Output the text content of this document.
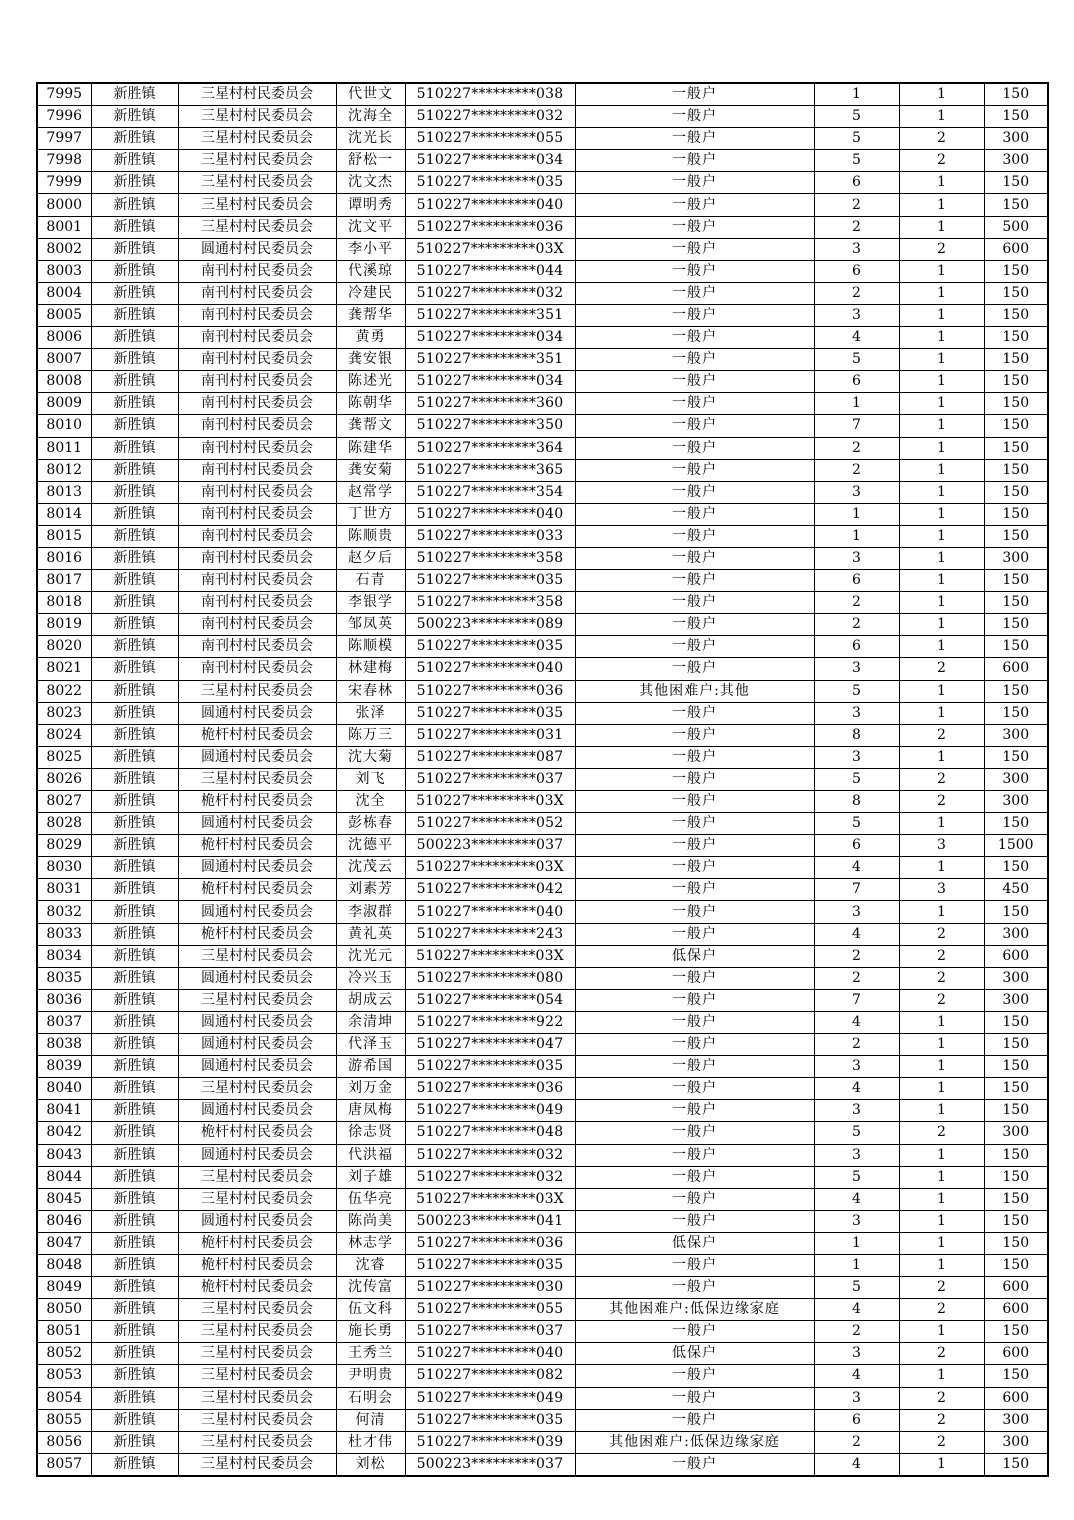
7995	新胜镇	三星村村民委员会	代世文	510227*********038	一般户	1	1	150
7996	新胜镇	三星村村民委员会	沈海全	510227*********032	一般户	5	1	150
7997	新胜镇	三星村村民委员会	沈光长	510227*********055	一般户	5	2	300
7998	新胜镇	三星村村民委员会	舒松一	510227*********034	一般户	5	2	300
7999	新胜镇	三星村村民委员会	沈文杰	510227*********035	一般户	6	1	150
8000	新胜镇	三星村村民委员会	谭明秀	510227*********040	一般户	2	1	150
8001	新胜镇	三星村村民委员会	沈文平	510227*********036	一般户	2	1	500
8002	新胜镇	圆通村村民委员会	李小平	510227*********03X	一般户	3	2	600
8003	新胜镇	南刊村村民委员会	代溪琼	510227*********044	一般户	6	1	150
8004	新胜镇	南刊村村民委员会	冷建民	510227*********032	一般户	2	1	150
8005	新胜镇	南刊村村民委员会	龚帮华	510227*********351	一般户	3	1	150
8006	新胜镇	南刊村村民委员会	黄勇	510227*********034	一般户	4	1	150
8007	新胜镇	南刊村村民委员会	龚安银	510227*********351	一般户	5	1	150
8008	新胜镇	南刊村村民委员会	陈述光	510227*********034	一般户	6	1	150
8009	新胜镇	南刊村村民委员会	陈朝华	510227*********360	一般户	1	1	150
8010	新胜镇	南刊村村民委员会	龚帮文	510227*********350	一般户	7	1	150
8011	新胜镇	南刊村村民委员会	陈建华	510227*********364	一般户	2	1	150
8012	新胜镇	南刊村村民委员会	龚安菊	510227*********365	一般户	2	1	150
8013	新胜镇	南刊村村民委员会	赵常学	510227*********354	一般户	3	1	150
8014	新胜镇	南刊村村民委员会	丁世方	510227*********040	一般户	1	1	150
8015	新胜镇	南刊村村民委员会	陈顺贵	510227*********033	一般户	1	1	150
8016	新胜镇	南刊村村民委员会	赵夕后	510227*********358	一般户	3	1	300
8017	新胜镇	南刊村村民委员会	石青	510227*********035	一般户	6	1	150
8018	新胜镇	南刊村村民委员会	李银学	510227*********358	一般户	2	1	150
8019	新胜镇	南刊村村民委员会	邹凤英	500223*********089	一般户	2	1	150
8020	新胜镇	南刊村村民委员会	陈顺模	510227*********035	一般户	6	1	150
8021	新胜镇	南刊村村民委员会	林建梅	510227*********040	一般户	3	2	600
8022	新胜镇	三星村村民委员会	宋春林	510227*********036	其他困难户:其他	5	1	150
8023	新胜镇	圆通村村民委员会	张泽	510227*********035	一般户	3	1	150
8024	新胜镇	桅杆村村民委员会	陈万三	510227*********031	一般户	8	2	300
8025	新胜镇	圆通村村民委员会	沈大菊	510227*********087	一般户	3	1	150
8026	新胜镇	三星村村民委员会	刘飞	510227*********037	一般户	5	2	300
8027	新胜镇	桅杆村村民委员会	沈全	510227*********03X	一般户	8	2	300
8028	新胜镇	圆通村村民委员会	彭栋春	510227*********052	一般户	5	1	150
8029	新胜镇	桅杆村村民委员会	沈德平	500223*********037	一般户	6	3	1500
8030	新胜镇	圆通村村民委员会	沈茂云	510227*********03X	一般户	4	1	150
8031	新胜镇	桅杆村村民委员会	刘素芳	510227*********042	一般户	7	3	450
8032	新胜镇	圆通村村民委员会	李淑群	510227*********040	一般户	3	1	150
8033	新胜镇	桅杆村村民委员会	黄礼英	510227*********243	一般户	4	2	300
8034	新胜镇	三星村村民委员会	沈光元	510227*********03X	低保户	2	2	600
8035	新胜镇	圆通村村民委员会	冷兴玉	510227*********080	一般户	2	2	300
8036	新胜镇	三星村村民委员会	胡成云	510227*********054	一般户	7	2	300
8037	新胜镇	圆通村村民委员会	余清坤	510227*********922	一般户	4	1	150
8038	新胜镇	圆通村村民委员会	代泽玉	510227*********047	一般户	2	1	150
8039	新胜镇	圆通村村民委员会	游希国	510227*********035	一般户	3	1	150
8040	新胜镇	三星村村民委员会	刘万金	510227*********036	一般户	4	1	150
8041	新胜镇	圆通村村民委员会	唐凤梅	510227*********049	一般户	3	1	150
8042	新胜镇	桅杆村村民委员会	徐志贤	510227*********048	一般户	5	2	300
8043	新胜镇	圆通村村民委员会	代洪福	510227*********032	一般户	3	1	150
8044	新胜镇	三星村村民委员会	刘子雄	510227*********032	一般户	5	1	150
8045	新胜镇	三星村村民委员会	伍华亮	510227*********03X	一般户	4	1	150
8046	新胜镇	圆通村村民委员会	陈尚美	500223*********041	一般户	3	1	150
8047	新胜镇	桅杆村村民委员会	林志学	510227*********036	低保户	1	1	150
8048	新胜镇	桅杆村村民委员会	沈睿	510227*********035	一般户	1	1	150
8049	新胜镇	桅杆村村民委员会	沈传富	510227*********030	一般户	5	2	600
8050	新胜镇	三星村村民委员会	伍文科	510227*********055	其他困难户:低保边缘家庭	4	2	600
8051	新胜镇	三星村村民委员会	施长勇	510227*********037	一般户	2	1	150
8052	新胜镇	三星村村民委员会	王秀兰	510227*********040	低保户	3	2	600
8053	新胜镇	三星村村民委员会	尹明贵	510227*********082	一般户	4	1	150
8054	新胜镇	三星村村民委员会	石明会	510227*********049	一般户	3	2	600
8055	新胜镇	三星村村民委员会	何清	510227*********035	一般户	6	2	300
8056	新胜镇	三星村村民委员会	杜才伟	510227*********039	其他困难户:低保边缘家庭	2	2	300
8057	新胜镇	三星村村民委员会	刘松	500223*********037	一般户	4	1	150
